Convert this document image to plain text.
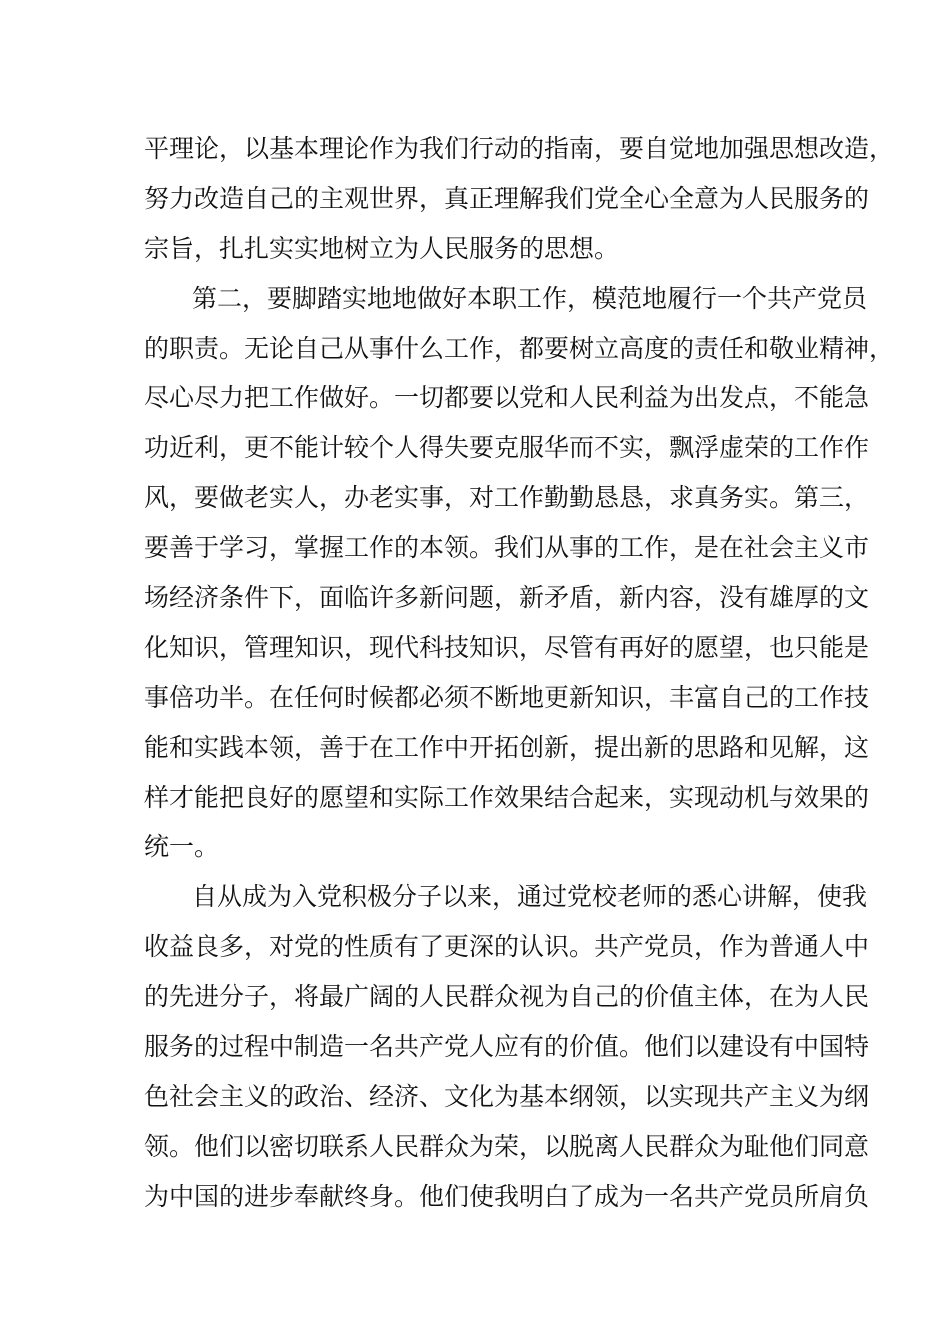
平理论，以基本理论作为我们行动的指南，要自觉地加强思想改造，
努力改造自己的主观世界，真正理解我们党全心全意为人民服务的
宗旨，扎扎实实地树立为人民服务的思想。
第二，要脚踏实地地做好本职工作，模范地履行一个共产党员
的职责。无论自己从事什么工作，都要树立高度的责任和敬业精神，
尽心尽力把工作做好。一切都要以党和人民利益为出发点，不能急
功近利，更不能计较个人得失要克服华而不实，飘浮虚荣的工作作
风，要做老实人，办老实事，对工作勤勤恳恳，求真务实。第三，
要善于学习，掌握工作的本领。我们从事的工作，是在社会主义市
场经济条件下，面临许多新问题，新矛盾，新内容，没有雄厚的文
化知识，管理知识，现代科技知识，尽管有再好的愿望，也只能是
事倍功半。在任何时候都必须不断地更新知识，丰富自己的工作技
能和实践本领，善于在工作中开拓创新，提出新的思路和见解，这
样才能把良好的愿望和实际工作效果结合起来，实现动机与效果的
统一。
自从成为入党积极分子以来，通过党校老师的悉心讲解，使我
收益良多，对党的性质有了更深的认识。共产党员，作为普通人中
的先进分子，将最广阔的人民群众视为自己的价值主体，在为人民
服务的过程中制造一名共产党人应有的价值。他们以建设有中国特
色社会主义的政治、经济、文化为基本纲领，以实现共产主义为纲
领。他们以密切联系人民群众为荣，以脱离人民群众为耻他们同意
为中国的进步奉献终身。他们使我明白了成为一名共产党员所肩负
